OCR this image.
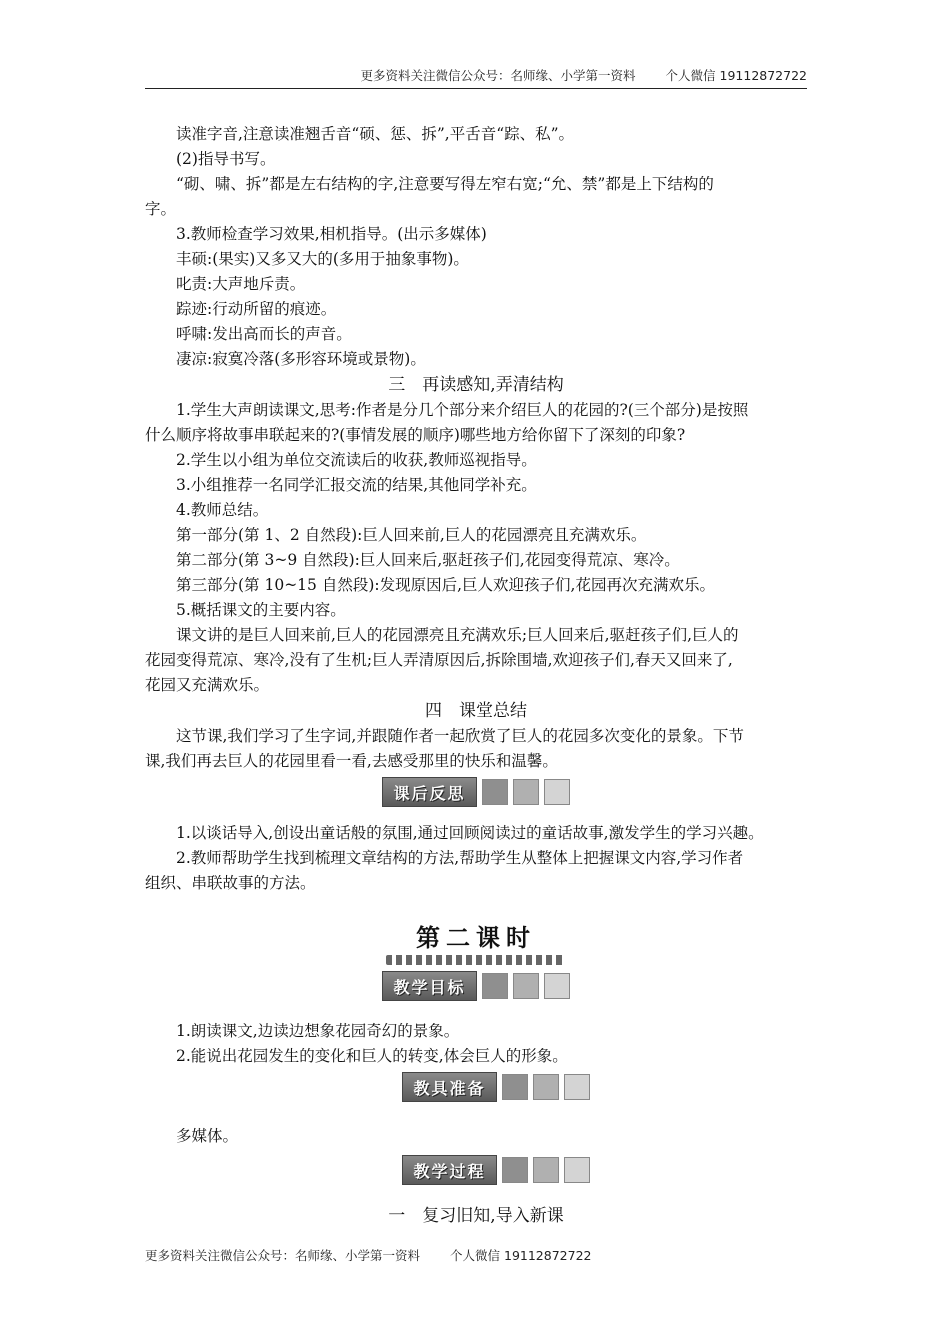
更多资料关注微信公众号：名师缘、小学第一资料 个人微信 19112872722

读准字音,注意读准翘舌音“硕、惩、拆”,平舌音“踪、私”。

(2)指导书写。

“砌、啸、拆”都是左右结构的字,注意要写得左窄右宽;“允、禁”都是上下结构的

字。

3.教师检查学习效果,相机指导。(出示多媒体)

丰硕:(果实)又多又大的(多用于抽象事物)。

叱责:大声地斥责。

踪迹:行动所留的痕迹。

呼啸:发出高而长的声音。

凄凉:寂寞冷落(多形容环境或景物)。

三　再读感知,弄清结构

1.学生大声朗读课文,思考:作者是分几个部分来介绍巨人的花园的?(三个部分)是按照

什么顺序将故事串联起来的?(事情发展的顺序)哪些地方给你留下了深刻的印象?

2.学生以小组为单位交流读后的收获,教师巡视指导。

3.小组推荐一名同学汇报交流的结果,其他同学补充。

4.教师总结。

第一部分(第 1、2 自然段):巨人回来前,巨人的花园漂亮且充满欢乐。

第二部分(第 3~9 自然段):巨人回来后,驱赶孩子们,花园变得荒凉、寒冷。

第三部分(第 10~15 自然段):发现原因后,巨人欢迎孩子们,花园再次充满欢乐。

5.概括课文的主要内容。

课文讲的是巨人回来前,巨人的花园漂亮且充满欢乐;巨人回来后,驱赶孩子们,巨人的

花园变得荒凉、寒冷,没有了生机;巨人弄清原因后,拆除围墙,欢迎孩子们,春天又回来了,

花园又充满欢乐。

四　课堂总结

这节课,我们学习了生字词,并跟随作者一起欣赏了巨人的花园多次变化的景象。下节

课,我们再去巨人的花园里看一看,去感受那里的快乐和温馨。

课后反思

1.以谈话导入,创设出童话般的氛围,通过回顾阅读过的童话故事,激发学生的学习兴趣。

2.教师帮助学生找到梳理文章结构的方法,帮助学生从整体上把握课文内容,学习作者

组织、串联故事的方法。

第二课时
教学目标

1.朗读课文,边读边想象花园奇幻的景象。

2.能说出花园发生的变化和巨人的转变,体会巨人的形象。

教具准备

多媒体。

教学过程

一　复习旧知,导入新课

更多资料关注微信公众号：名师缘、小学第一资料 个人微信 19112872722
